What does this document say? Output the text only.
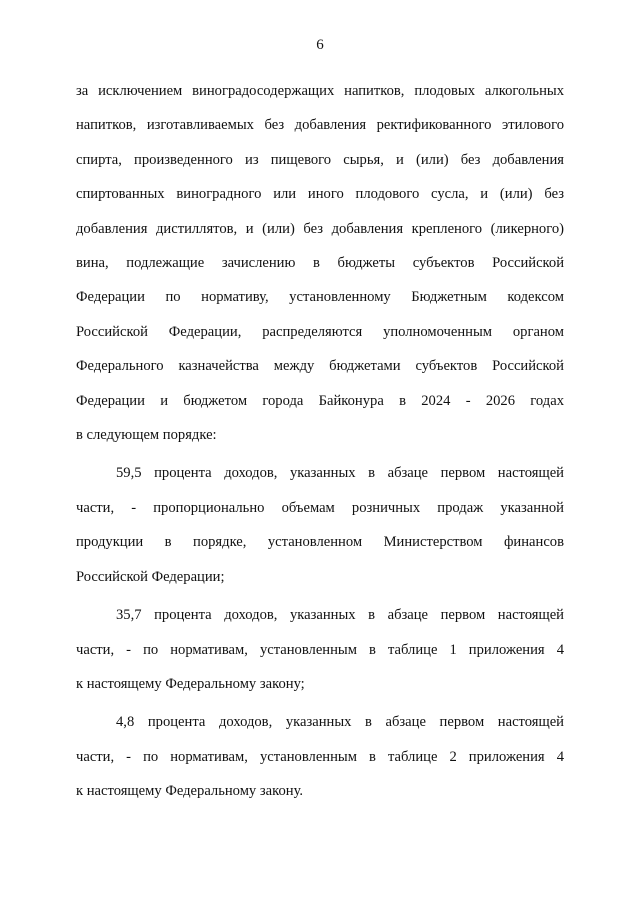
6

за исключением виноградосодержащих напитков, плодовых алкогольных
напитков, изготавливаемых без добавления ректификованного этилового
спирта, произведенного из пищевого сырья, и (или) без добавления
спиртованных виноградного или иного плодового сусла, и (или) без
добавления дистиллятов, и (или) без добавления крепленого (ликерного)
вина, подлежащие зачислению в бюджеты субъектов Российской
Федерации по нормативу, установленному Бюджетным кодексом
Российской Федерации, распределяются уполномоченным органом
Федерального казначейства между бюджетами субъектов Российской
Федерации и бюджетом города Байконура в 2024 - 2026 годах
в следующем порядке:

59,5 процента доходов, указанных в абзаце первом настоящей
части, - пропорционально объемам розничных продаж указанной
продукции в порядке, установленном Министерством финансов
Российской Федерации;

35,7 процента доходов, указанных в абзаце первом настоящей
части, - по нормативам, установленным в таблице 1 приложения 4
к настоящему Федеральному закону;

4,8 процента доходов, указанных в абзаце первом настоящей
части, - по нормативам, установленным в таблице 2 приложения 4
к настоящему Федеральному закону.
